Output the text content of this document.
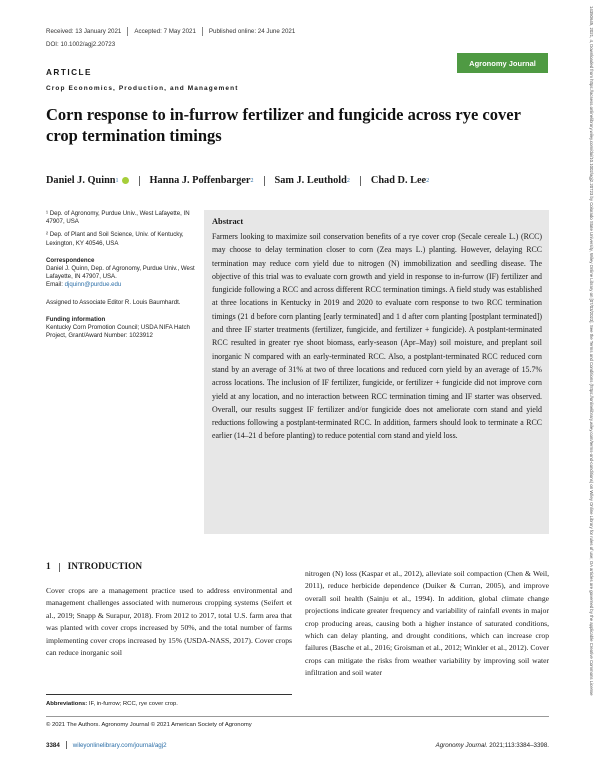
14350645, 2021, 4, Downloaded from https://acsess.onlinelibrary.wiley.com/doi/10.1002/agj2.20723 by Colorado State University, Wiley Online Library on [07/03/2023]. See the Terms and Conditions (https://onlinelibrary.wiley.com/terms-and-conditions) on Wiley Online Library for rules of use; OA articles are governed by the applicable Creative Commons License
Received: 13 January 2021 Accepted: 7 May 2021 Published online: 24 June 2021
DOI: 10.1002/agj2.20723
Agronomy Journal
ARTICLE
Crop Economics, Production, and Management
Corn response to in-furrow fertilizer and fungicide across rye cover crop termination timings
Daniel J. Quinn 1	Hanna J. Poffenbarger 2 Sam J. Leuthold 2 Chad D. Lee 2

¹ Dep. of Agronomy, Purdue Univ., West Lafayette, IN 47907, USA

² Dep. of Plant and Soil Science, Univ. of Kentucky, Lexington, KY 40546, USA

Correspondence

Daniel J. Quinn, Dep. of Agronomy, Purdue Univ., West Lafayette, IN 47907, USA.

Email: djquinn@purdue.edu

Assigned to Associate Editor R. Louis Baumhardt.

Funding information

Kentucky Corn Promotion Council; USDA NIFA Hatch Project, Grant/Award Number: 1023912

Abstract
Farmers looking to maximize soil conservation benefits of a rye cover crop (Secale cereale L.) (RCC) may choose to delay termination closer to corn (Zea mays L.) planting. However, delaying RCC termination may reduce corn yield due to nitrogen (N) immobilization and seedling disease. The objective of this trial was to evaluate corn growth and yield in response to in-furrow (IF) fertilizer and fungicide following a RCC and across different RCC termination timings. A field study was established at three locations in Kentucky in 2019 and 2020 to evaluate corn response to two RCC termination timings (21 d before corn planting [early terminated] and 1 d after corn planting [postplant terminated]) and three IF starter treatments (fertilizer, fungicide, and fertilizer + fungicide). A postplant-terminated RCC resulted in greater rye shoot biomass, early-season (Apr–May) soil moisture, and preplant soil inorganic N compared with an early-terminated RCC. Also, a postplant-terminated RCC reduced corn stand by an average of 31% at two of three locations and reduced corn yield by an average of 15.7% across locations. The inclusion of IF fertilizer, fungicide, or fertilizer + fungicide did not improve corn yield at any location, and no interaction between RCC termination timing and IF starter was observed. Overall, our results suggest IF fertilizer and/or fungicide does not ameliorate corn stand and yield reductions following a postplant-terminated RCC. In addition, farmers should look to terminate a RCC earlier (14–21 d before planting) to reduce potential corn stand and yield loss.
1 INTRODUCTION
Cover crops are a management practice used to address environmental and management challenges associated with numerous cropping systems (Seifert et al., 2019; Snapp & Surapur, 2018). From 2012 to 2017, total U.S. farm area that was planted with cover crops increased by 50%, and the total number of farms implementing cover crops increased by 15% (USDA-NASS, 2017). Cover crops can reduce inorganic soil
nitrogen (N) loss (Kaspar et al., 2012), alleviate soil compaction (Chen & Weil, 2011), reduce herbicide dependence (Duiker & Curran, 2005), and improve overall soil health (Sainju et al., 1994). In addition, global climate change projections indicate greater frequency and variability of rainfall events in major crop producing areas, causing both a higher instance of saturated conditions, which can delay planting, and drought conditions, which can increase crop failures (Basche et al., 2016; Groisman et al., 2012; Winkler et al., 2012). Cover crops can mitigate the risks from weather variability by improving soil water infiltration and soil water
Abbreviations: IF, in-furrow; RCC, rye cover crop.
© 2021 The Authors. Agronomy Journal © 2021 American Society of Agronomy
3384 wileyonlinelibrary.com/journal/agj2	Agronomy Journal. 2021;113:3384–3398.
